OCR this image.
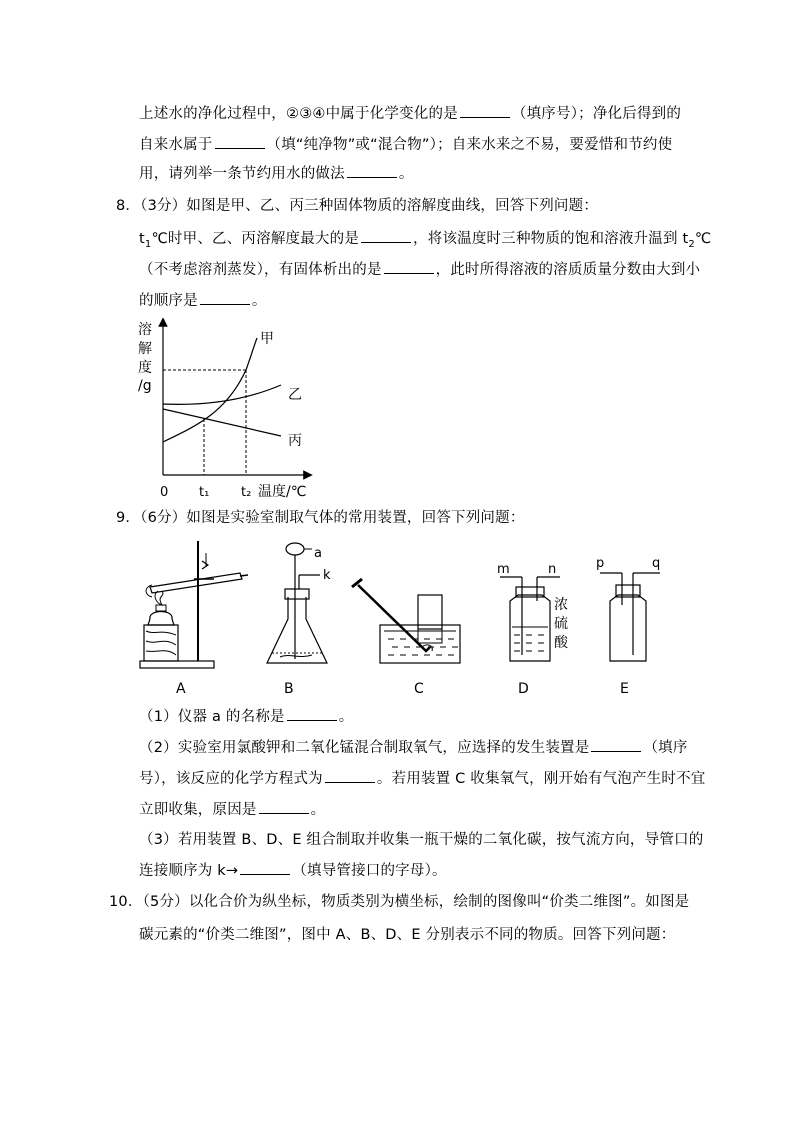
上述水的净化过程中，②③④中属于化学变化的是	（填序号）；净化后得到的
自来水属于	（填“纯净物”或“混合物”）；自来水来之不易，要爱惜和节约使
用，请列举一条节约用水的做法	。
8．（3分）如图是甲、乙、丙三种固体物质的溶解度曲线，回答下列问题：
$t_1℃$时甲、乙、丙溶解度最大的是	，将该温度时三种物质的饱和溶液升温到 $t_2℃$
（不考虑溶剂蒸发），有固体析出的是	，此时所得溶液的溶质质量分数由大到小
的顺序是	。
溶
解
度
/g
甲
乙
丙
0 t₁ t₂ 温度/℃
9．（6分）如图是实验室制取气体的常用装置，回答下列问题：
a
k	m	n
浓
硫
酸
p	q
A	B	C	D	E
（1）仪器 a 的名称是	。
（2）实验室用氯酸钾和二氧化锰混合制取氧气，应选择的发生装置是	（填序
号），该反应的化学方程式为	。若用装置 C 收集氧气，刚开始有气泡产生时不宜
立即收集，原因是	。
（3）若用装置 B、D、E 组合制取并收集一瓶干燥的二氧化碳，按气流方向，导管口的
连接顺序为 k→	（填导管接口的字母）。
10．（5分）以化合价为纵坐标，物质类别为横坐标，绘制的图像叫“价类二维图”。如图是
碳元素的“价类二维图”，图中 A、B、D、E 分别表示不同的物质。回答下列问题：
